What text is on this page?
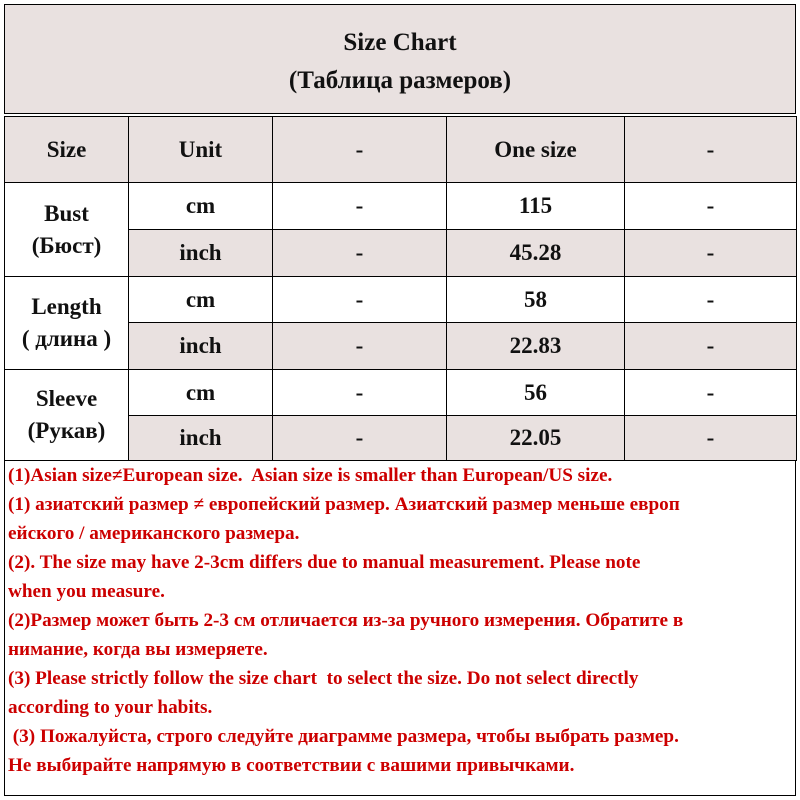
Size Chart
(Таблица размеров)
Size	Unit	-	One size	-

Bust
(Бюст)	cm	-	115	-
	inch	-	45.28	-

Length
( длина )	cm	-	58	-
	inch	-	22.83	-

Sleeve
(Рукав)	cm	-	56	-
	inch	-	22.05	-

(1)Asian size≠European size.  Asian size is smaller than European/US size.

(1) азиатский размер ≠ европейский размер. Азиатский размер меньше европ

ейского / американского размера.

(2). The size may have 2-3cm differs due to manual measurement. Please note

when you measure.

(2)Размер может быть 2-3 см отличается из-за ручного измерения. Обратите в

нимание, когда вы измеряете.

(3) Please strictly follow the size chart  to select the size. Do not select directly

according to your habits.

(3) Пожалуйста, строго следуйте диаграмме размера, чтобы выбрать размер.

Не выбирайте напрямую в соответствии с вашими привычками.
